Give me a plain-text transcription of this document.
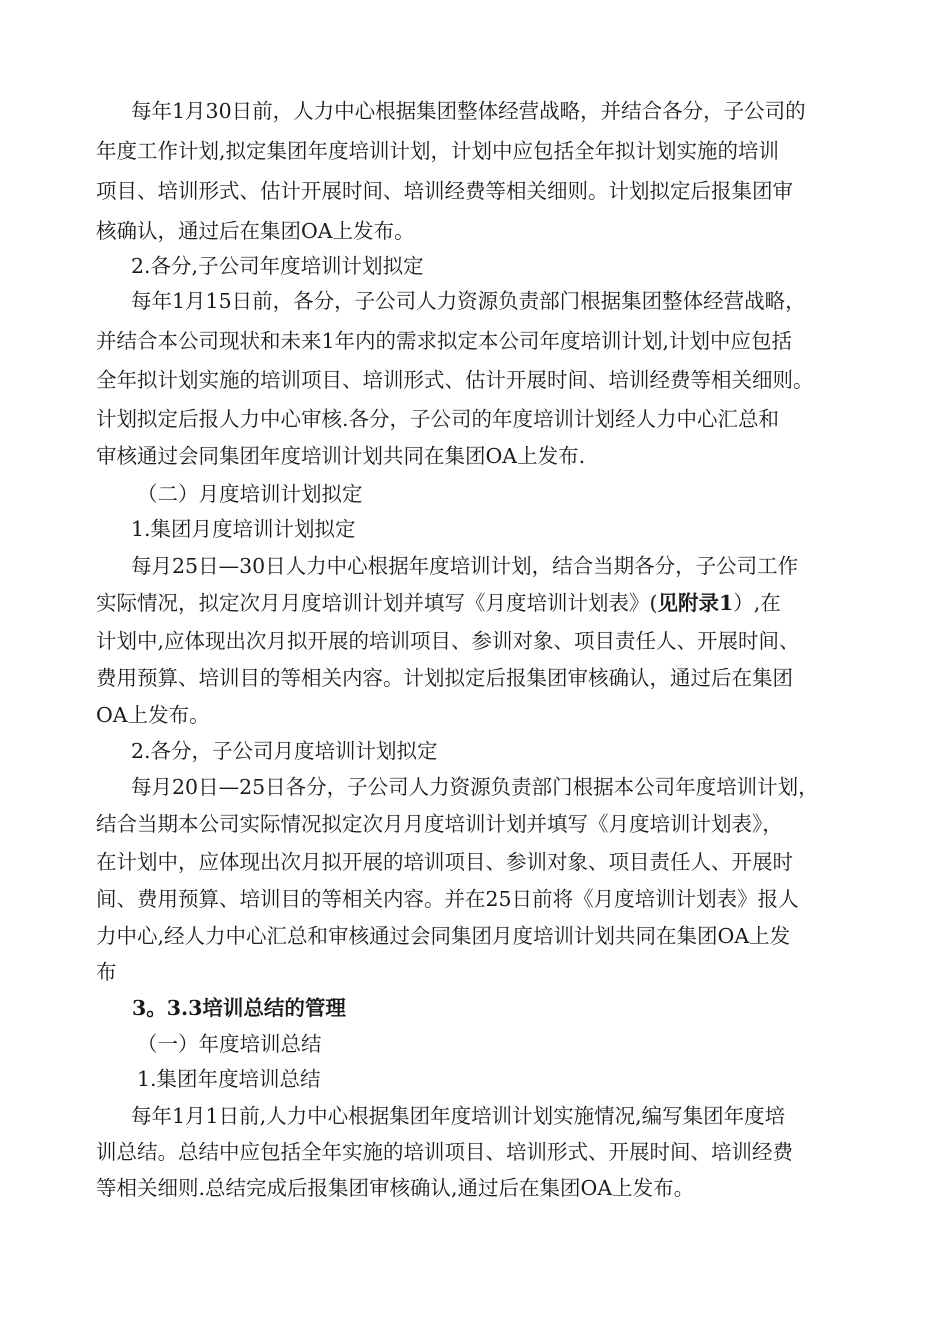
每年1月30日前，人力中心根据集团整体经营战略，并结合各分，子公司的
年度工作计划,拟定集团年度培训计划，计划中应包括全年拟计划实施的培训
项目、培训形式、估计开展时间、培训经费等相关细则。计划拟定后报集团审
核确认，通过后在集团OA上发布。
2.各分,子公司年度培训计划拟定
每年1月15日前，各分，子公司人力资源负责部门根据集团整体经营战略，
并结合本公司现状和未来1年内的需求拟定本公司年度培训计划,计划中应包括
全年拟计划实施的培训项目、培训形式、估计开展时间、培训经费等相关细则。
计划拟定后报人力中心审核.各分，子公司的年度培训计划经人力中心汇总和
审核通过会同集团年度培训计划共同在集团OA上发布.
（二）月度培训计划拟定
1.集团月度培训计划拟定
每月25日—30日人力中心根据年度培训计划，结合当期各分，子公司工作
实际情况，拟定次月月度培训计划并填写《月度培训计划表》(见附录1）,在
计划中,应体现出次月拟开展的培训项目、参训对象、项目责任人、开展时间、
费用预算、培训目的等相关内容。计划拟定后报集团审核确认，通过后在集团
OA上发布。
2.各分，子公司月度培训计划拟定
每月20日—25日各分，子公司人力资源负责部门根据本公司年度培训计划，
结合当期本公司实际情况拟定次月月度培训计划并填写《月度培训计划表》，
在计划中，应体现出次月拟开展的培训项目、参训对象、项目责任人、开展时
间、费用预算、培训目的等相关内容。并在25日前将《月度培训计划表》报人
力中心,经人力中心汇总和审核通过会同集团月度培训计划共同在集团OA上发
布
3。3.3培训总结的管理
（一）年度培训总结
1.集团年度培训总结
每年1月1日前,人力中心根据集团年度培训计划实施情况,编写集团年度培
训总结。总结中应包括全年实施的培训项目、培训形式、开展时间、培训经费
等相关细则.总结完成后报集团审核确认,通过后在集团OA上发布。
